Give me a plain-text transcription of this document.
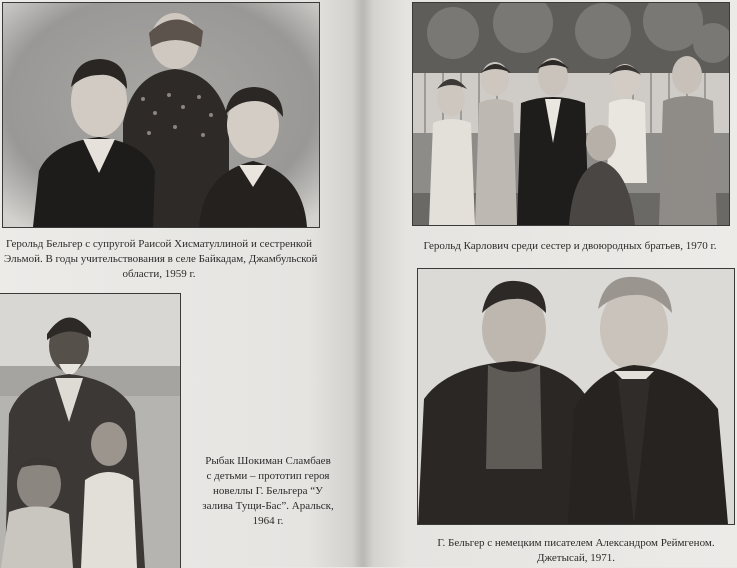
Герольд Бельгер с супругой Раисой Хисматуллиной и сестренкой
Эльмой. В годы учительствования в селе Байкадам, Джамбульской
области, 1959 г.
Рыбак Шокиман Сламбаев
с детьми – прототип героя
новеллы Г. Бельгера “У
залива Тущи-Бас”. Аральск,
1964 г.
Герольд Карлович среди сестер и двоюродных братьев, 1970 г.
Г. Бельгер с немецким писателем Александром Реймгеном.
Джетысай, 1971.
